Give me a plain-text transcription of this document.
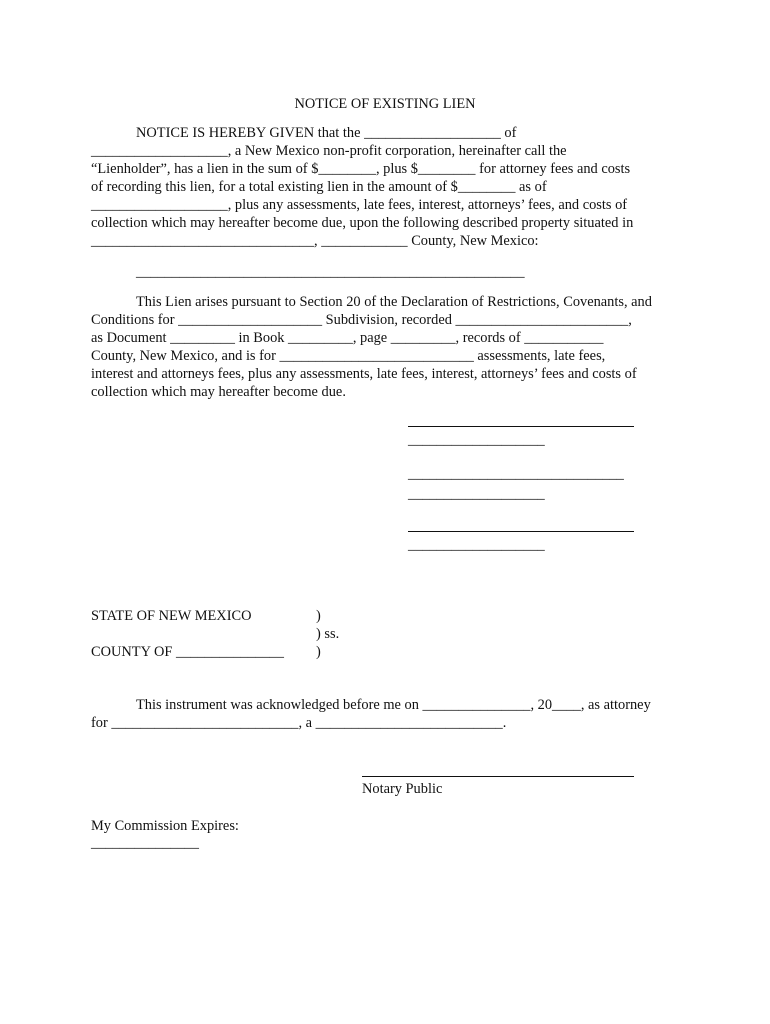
NOTICE OF EXISTING LIEN
NOTICE IS HEREBY GIVEN that the ___________________ of
___________________, a New Mexico non-profit corporation, hereinafter call the
“Lienholder”, has a lien in the sum of $________, plus $________ for attorney fees and costs
of recording this lien, for a total existing lien in the amount of $________ as of
___________________, plus any assessments, late fees, interest, attorneys’ fees, and costs of
collection which may hereafter become due, upon the following described property situated in
_______________________________, ____________ County, New Mexico:
______________________________________________________
This Lien arises pursuant to Section 20 of the Declaration of Restrictions, Covenants, and
Conditions for ____________________ Subdivision, recorded ________________________,
as Document _________ in Book _________, page _________, records of ___________
County, New Mexico, and is for ___________________________ assessments, late fees,
interest and attorneys fees, plus any assessments, late fees, interest, attorneys’ fees and costs of
collection which may hereafter become due.
___________________
______________________________
___________________
___________________
STATE OF NEW MEXICO	)
) ss.
COUNTY OF _______________ )
This instrument was acknowledged before me on _______________, 20____, as attorney
for __________________________, a __________________________.
Notary Public
My Commission Expires:
_______________
